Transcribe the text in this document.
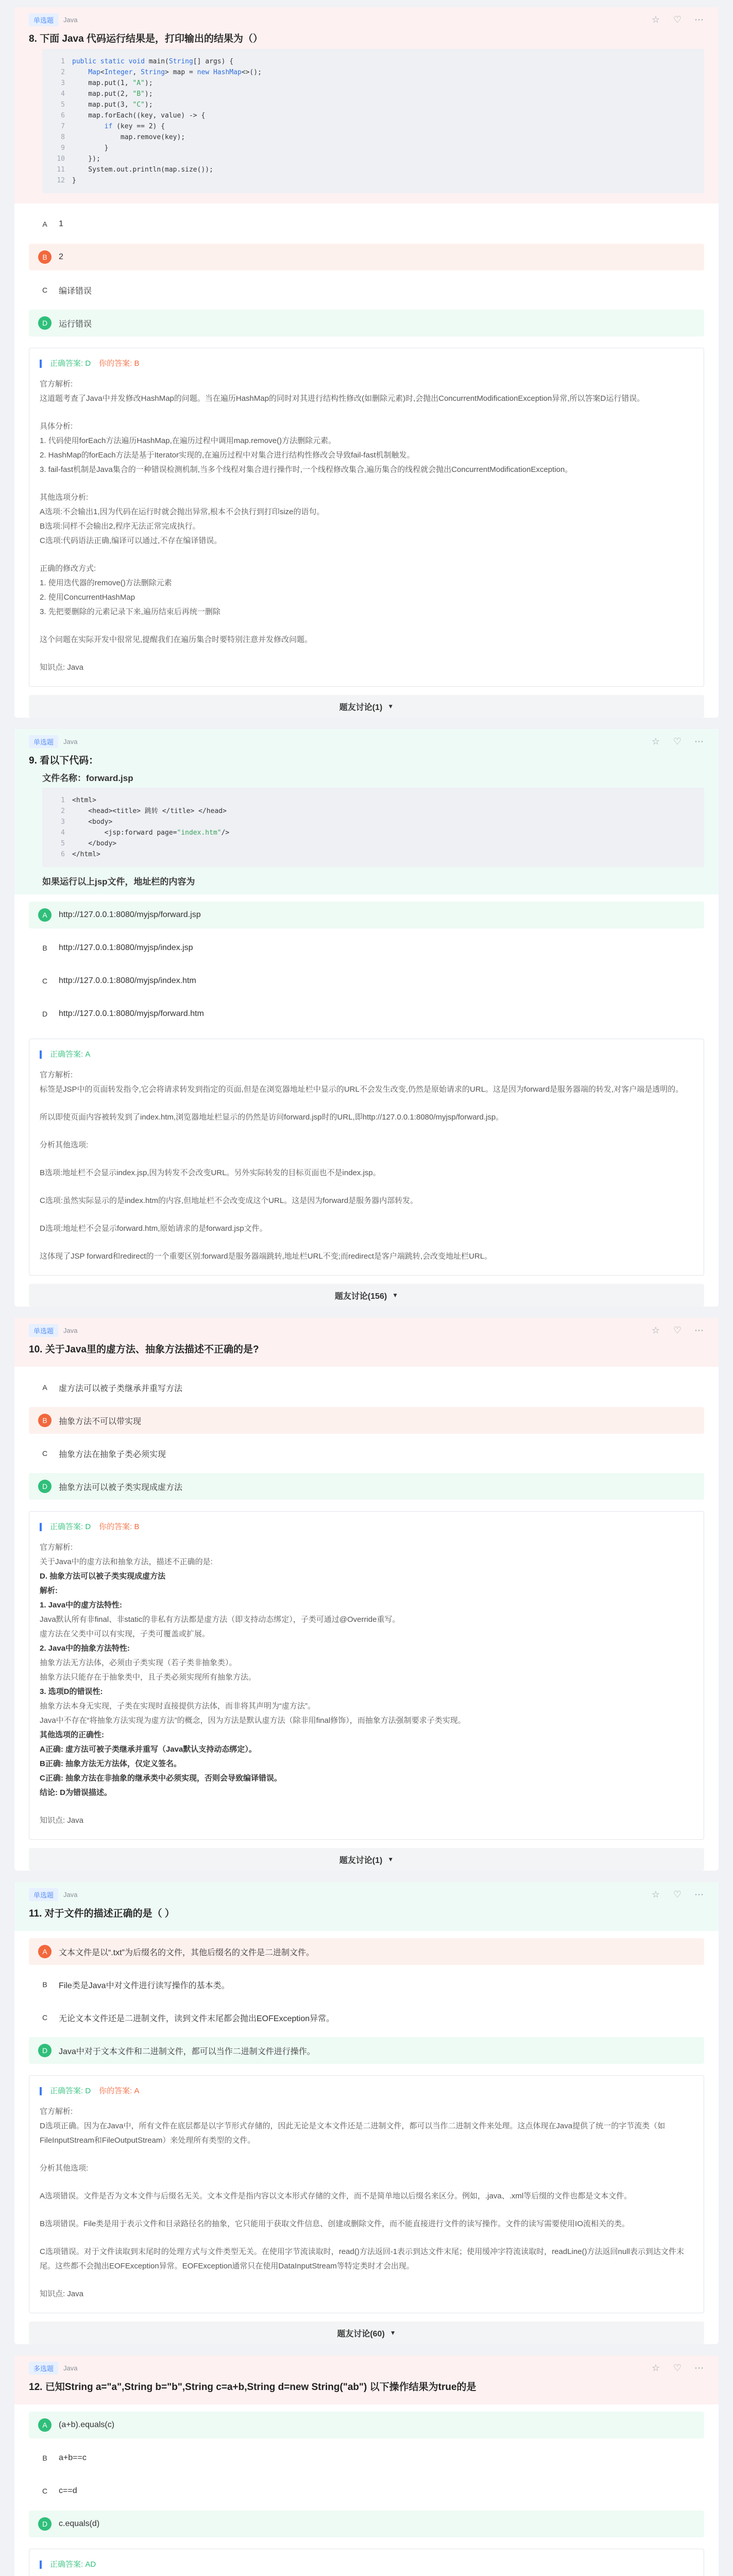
单选题	Java	☆ ♡ ⋯
8. 下面 Java 代码运行结果是，打印输出的结果为（）
1 public static void main(String[] args) {
2	Map<Integer, String> map = new HashMap<>();
3    map.put(1, "A");
4    map.put(2, "B");
5    map.put(3, "C");
6    map.forEach((key, value) -> {
7	if (key == 2) {
8            map.remove(key);
9        }
10    });
11    System.out.println(map.size());
12 }
A	1
B	2
C	编译错误
D	运行错误
正确答案: D 你的答案: B

官方解析:

这道题考查了Java中并发修改HashMap的问题。当在遍历HashMap的同时对其进行结构性修改(如删除元素)时,会抛出ConcurrentModificationException异常,所以答案D运行错误。

具体分析:

1. 代码使用forEach方法遍历HashMap,在遍历过程中调用map.remove()方法删除元素。

2. HashMap的forEach方法是基于Iterator实现的,在遍历过程中对集合进行结构性修改会导致fail-fast机制触发。

3. fail-fast机制是Java集合的一种错误检测机制,当多个线程对集合进行操作时,一个线程修改集合,遍历集合的线程就会抛出ConcurrentModificationException。

其他选项分析:

A选项:不会输出1,因为代码在运行时就会抛出异常,根本不会执行到打印size的语句。

B选项:同样不会输出2,程序无法正常完成执行。

C选项:代码语法正确,编译可以通过,不存在编译错误。

正确的修改方式:

1. 使用迭代器的remove()方法删除元素

2. 使用ConcurrentHashMap

3. 先把要删除的元素记录下来,遍历结束后再统一删除

这个问题在实际开发中很常见,提醒我们在遍历集合时要特别注意并发修改问题。

知识点: Java

题友讨论(1) ▼
单选题	Java	☆ ♡ ⋯
9. 看以下代码：
文件名称：forward.jsp
1 <html>
2    <head><title> 跳转 </title> </head>
3    <body>
4        <jsp:forward page="index.htm"/>
5    </body>
6 </html>
如果运行以上jsp文件，地址栏的内容为
A	http://127.0.0.1:8080/myjsp/forward.jsp
B	http://127.0.0.1:8080/myjsp/index.jsp
C	http://127.0.0.1:8080/myjsp/index.htm
D	http://127.0.0.1:8080/myjsp/forward.htm
正确答案: A

官方解析:

标签是JSP中的页面转发指令,它会将请求转发到指定的页面,但是在浏览器地址栏中显示的URL不会发生改变,仍然是原始请求的URL。这是因为forward是服务器端的转发,对客户端是透明的。

所以即使页面内容被转发到了index.htm,浏览器地址栏显示的仍然是访问forward.jsp时的URL,即http://127.0.0.1:8080/myjsp/forward.jsp。

分析其他选项:

B选项:地址栏不会显示index.jsp,因为转发不会改变URL。另外实际转发的目标页面也不是index.jsp。

C选项:虽然实际显示的是index.htm的内容,但地址栏不会改变成这个URL。这是因为forward是服务器内部转发。

D选项:地址栏不会显示forward.htm,原始请求的是forward.jsp文件。

这体现了JSP forward和redirect的一个重要区别:forward是服务器端跳转,地址栏URL不变;而redirect是客户端跳转,会改变地址栏URL。

题友讨论(156) ▼
单选题	Java	☆ ♡ ⋯
10. 关于Java里的虚方法、抽象方法描述不正确的是?
A	虚方法可以被子类继承并重写方法
B	抽象方法不可以带实现
C	抽象方法在抽象子类必须实现
D	抽象方法可以被子类实现成虚方法
正确答案: D 你的答案: B

官方解析:

关于Java中的虚方法和抽象方法，描述不正确的是:

D. 抽象方法可以被子类实现成虚方法

解析:

1. Java中的虚方法特性:

Java默认所有非final、非static的非私有方法都是虚方法（即支持动态绑定），子类可通过@Override重写。

虚方法在父类中可以有实现，子类可覆盖或扩展。

2. Java中的抽象方法特性:

抽象方法无方法体，必须由子类实现（若子类非抽象类）。

抽象方法只能存在于抽象类中，且子类必须实现所有抽象方法。

3. 选项D的错误性:

抽象方法本身无实现，子类在实现时直接提供方法体，而非将其声明为“虚方法”。

Java中不存在“将抽象方法实现为虚方法”的概念，因为方法是默认虚方法（除非用final修饰），而抽象方法强制要求子类实现。

其他选项的正确性:

A正确: 虚方法可被子类继承并重写（Java默认支持动态绑定）。

B正确: 抽象方法无方法体，仅定义签名。

C正确: 抽象方法在非抽象的继承类中必须实现，否则会导致编译错误。

结论: D为错误描述。

知识点: Java

题友讨论(1) ▼
单选题	Java	☆ ♡ ⋯
11. 对于文件的描述正确的是（ ）
A	文本文件是以“.txt”为后缀名的文件，其他后缀名的文件是二进制文件。
B	File类是Java中对文件进行读写操作的基本类。
C	无论文本文件还是二进制文件，读到文件末尾都会抛出EOFException异常。
D	Java中对于文本文件和二进制文件，都可以当作二进制文件进行操作。
正确答案: D 你的答案: A

官方解析:

D选项正确。因为在Java中，所有文件在底层都是以字节形式存储的，因此无论是文本文件还是二进制文件，都可以当作二进制文件来处理。这点体现在Java提供了统一的字节流类（如FileInputStream和FileOutputStream）来处理所有类型的文件。

分析其他选项:

A选项错误。文件是否为文本文件与后缀名无关。文本文件是指内容以文本形式存储的文件，而不是简单地以后缀名来区分。例如，.java、.xml等后缀的文件也都是文本文件。

B选项错误。File类是用于表示文件和目录路径名的抽象，它只能用于获取文件信息、创建或删除文件，而不能直接进行文件的读写操作。文件的读写需要使用IO流相关的类。

C选项错误。对于文件读取到末尾时的处理方式与文件类型无关。在使用字节流读取时，read()方法返回-1表示到达文件末尾；使用缓冲字符流读取时，readLine()方法返回null表示到达文件末尾。这些都不会抛出EOFException异常。EOFException通常只在使用DataInputStream等特定类时才会出现。

知识点: Java

题友讨论(60) ▼
多选题	Java	☆ ♡ ⋯
12. 已知String a="a",String b="b",String c=a+b,String d=new String("ab") 以下操作结果为true的是
A	(a+b).equals(c)
B	a+b==c
C	c==d
D	c.equals(d)
正确答案: AD
